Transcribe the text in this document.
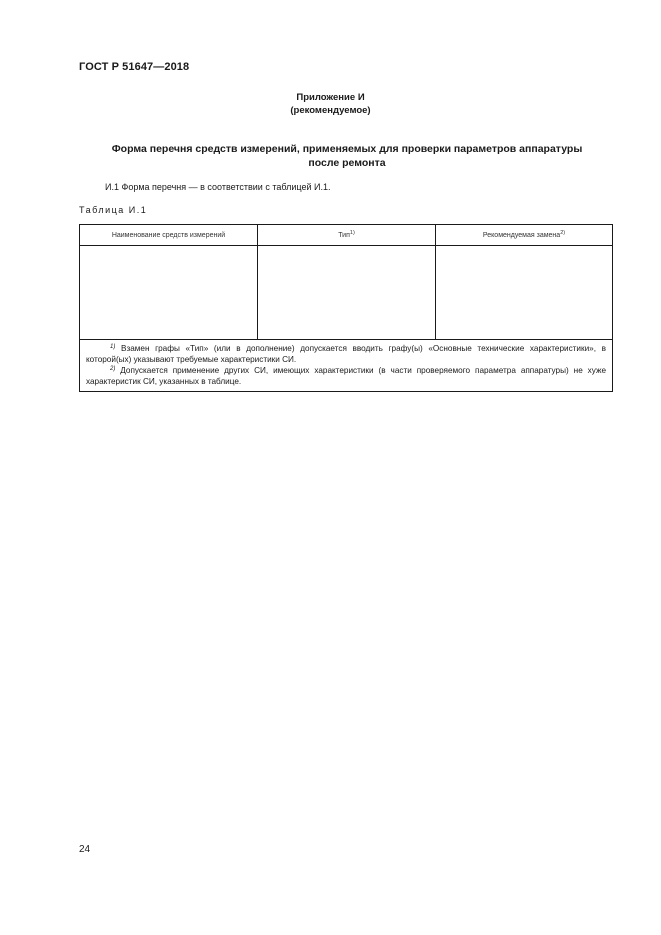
ГОСТ Р 51647—2018
Приложение И
(рекомендуемое)
Форма перечня средств измерений, применяемых для проверки параметров аппаратуры
после ремонта
И.1 Форма перечня — в соответствии с таблицей И.1.
Таблица И.1
Наименование средств измерений	Тип$^{1)}$	Рекомендуемая замена$^{2)}$

$^{1)}$ Взамен графы «Тип» (или в дополнение) допускается вводить графу(ы) «Основные технические характеристики», в которой(ых) указывают требуемые характеристики СИ.

$^{2)}$ Допускается применение других СИ, имеющих характеристики (в части проверяемого параметра аппаратуры) не хуже характеристик СИ, указанных в таблице.

24
